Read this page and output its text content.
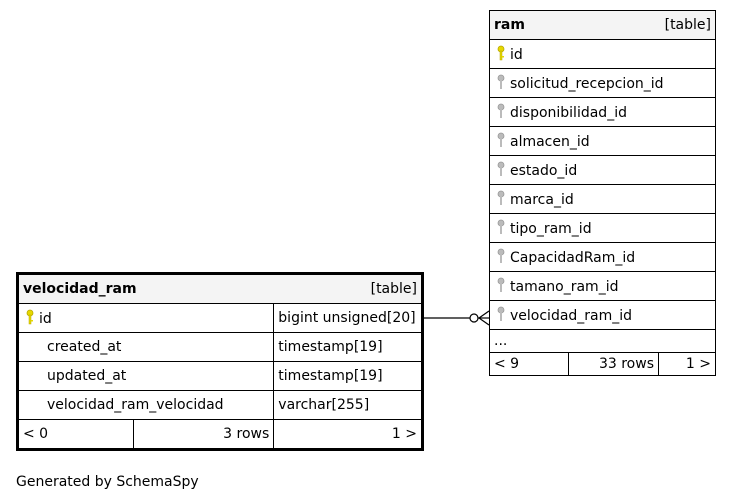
velocidad_ram [table]		

id		bigint unsigned[20]
created_at		timestamp[19]
updated_at		timestamp[19]
velocidad_ram_velocidad		varchar[255]
< 0	3 rows	1 >
ram	[table]

id
solicitud_recepcion_id
disponibilidad_id
almacen_id
estado_id
marca_id
tipo_ram_id
CapacidadRam_id
tamano_ram_id
velocidad_ram_id
...
< 9	33 rows	1 >
Generated by SchemaSpy
